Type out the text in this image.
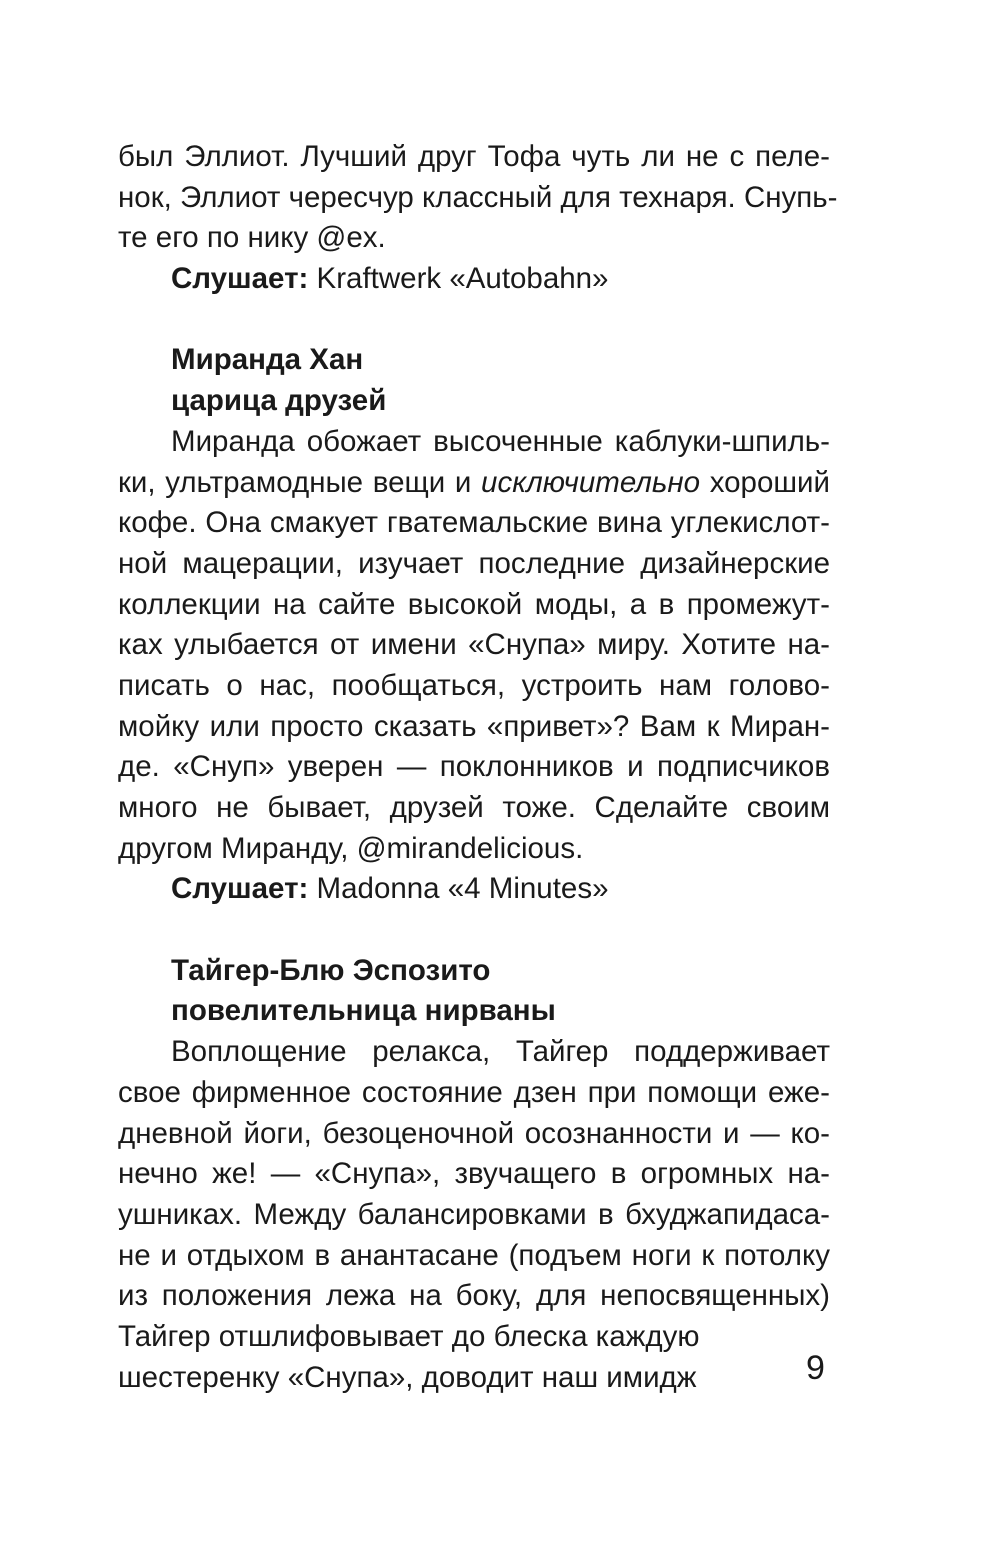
был Эллиот. Лучший друг Тофа чуть ли не с пеле-
нок, Эллиот чересчур классный для технаря. Снупь-
те его по нику @ex.
Слушает: Kraftwerk «Autobahn»
Миранда Хан
царица друзей
Миранда обожает высоченные каблуки-шпиль-
ки, ультрамодные вещи и исключительно хороший
кофе. Она смакует гватемальские вина углекислот-
ной мацерации, изучает последние дизайнерские
коллекции на сайте высокой моды, а в промежут-
ках улыбается от имени «Снупа» миру. Хотите на-
писать о нас, пообщаться, устроить нам голово-
мойку или просто сказать «привет»? Вам к Миран-
де. «Снуп» уверен — поклонников и подписчиков
много не бывает, друзей тоже. Сделайте своим
другом Миранду, @mirandelicious.
Слушает: Madonna «4 Minutes»
Тайгер-Блю Эспозито
повелительница нирваны
Воплощение релакса, Тайгер поддерживает
свое фирменное состояние дзен при помощи еже-
дневной йоги, безоценочной осознанности и — ко-
нечно же! — «Снупа», звучащего в огромных на-
ушниках. Между балансировками в бхуджапидаса-
не и отдыхом в анантасане (подъем ноги к потолку
из положения лежа на боку, для непосвященных)
Тайгер отшлифовывает до блеска каждую
шестеренку «Снупа», доводит наш имидж	9
